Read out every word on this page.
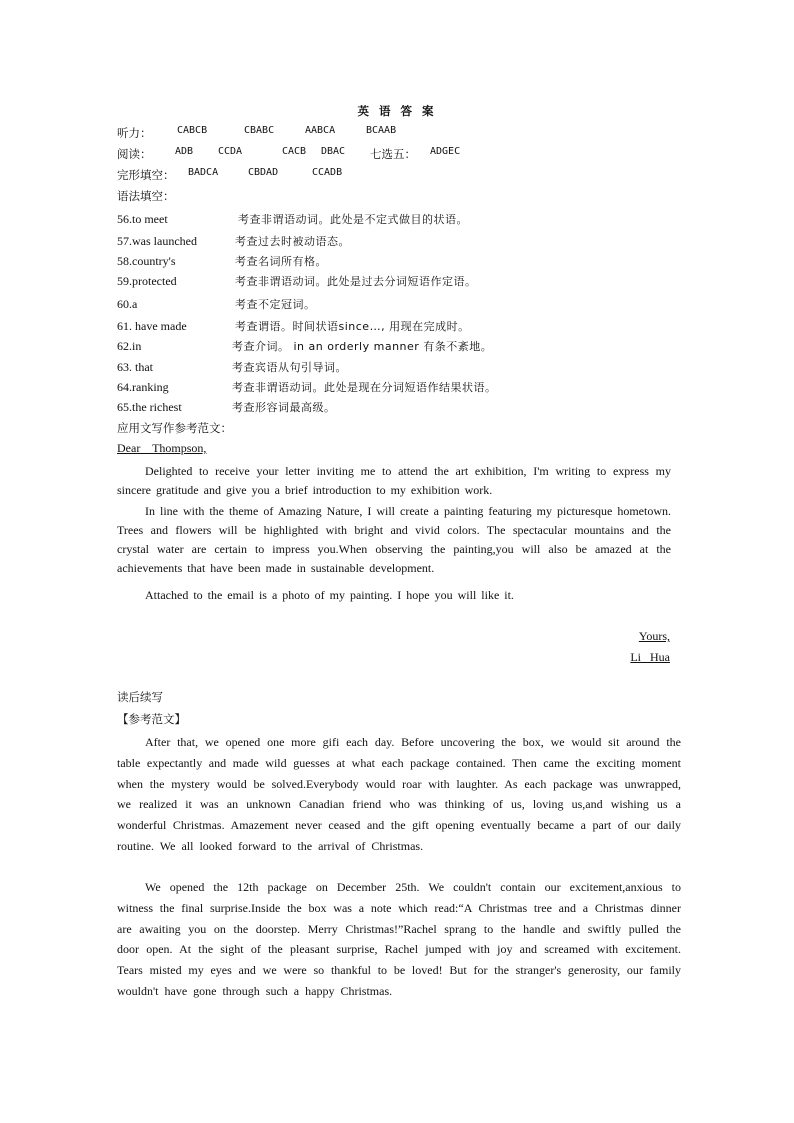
英 语 答 案
听力：	CABCB	CBABC	AABCA	BCAAB
阅读： ADB CCDA	CACB DBAC 七选五： ADGEC
完形填空： BADCA	CBDAD	CCADB
语法填空：
56.to meet	考查非谓语动词。此处是不定式做目的状语。
57.was launched	考查过去时被动语态。
58.country's	考查名词所有格。
59.protected	考查非谓语动词。此处是过去分词短语作定语。
60.a	考查不定冠词。
61. have made	考查谓语。时间状语since…, 用现在完成时。
62.in	考查介词。 in an orderly manner 有条不紊地。
63. that	考查宾语从句引导词。
64.ranking	考查非谓语动词。此处是现在分词短语作结果状语。
65.the richest	考查形容词最高级。
应用文写作参考范文：
Dear    Thompson,
Delighted to receive your letter inviting me to attend the art exhibition, I'm writing to express my sincere gratitude and give you a brief introduction to my exhibition work.
In line with the theme of Amazing Nature, I will create a painting featuring my picturesque hometown. Trees and flowers will be highlighted with bright and vivid colors. The spectacular mountains and the crystal water are certain to impress you.When observing the painting,you will also be amazed at the achievements that have been made in sustainable development.
Attached to the email is a photo of my painting. I hope you will like it.
Yours,
Li   Hua
读后续写
【参考范文】
After that, we opened one more gifi each day. Before uncovering the box, we would sit around the table expectantly and made wild guesses at what each package contained. Then came the exciting moment when the mystery would be solved.Everybody would roar with laughter. As each package was unwrapped, we realized it was an unknown Canadian friend who was thinking of us, loving us,and wishing us a wonderful Christmas. Amazement never ceased and the gift opening eventually became a part of our daily routine. We all looked forward to the arrival of Christmas.
We opened the 12th package on December 25th. We couldn't contain our excitement,anxious to witness the final surprise.Inside the box was a note which read:“A Christmas tree and a Christmas dinner are awaiting you on the doorstep. Merry Christmas!”Rachel sprang to the handle and swiftly pulled the door open. At the sight of the pleasant surprise, Rachel jumped with joy and screamed with excitement. Tears misted my eyes and we were so thankful to be loved! But for the stranger's generosity, our family wouldn't have gone through such a happy Christmas.
